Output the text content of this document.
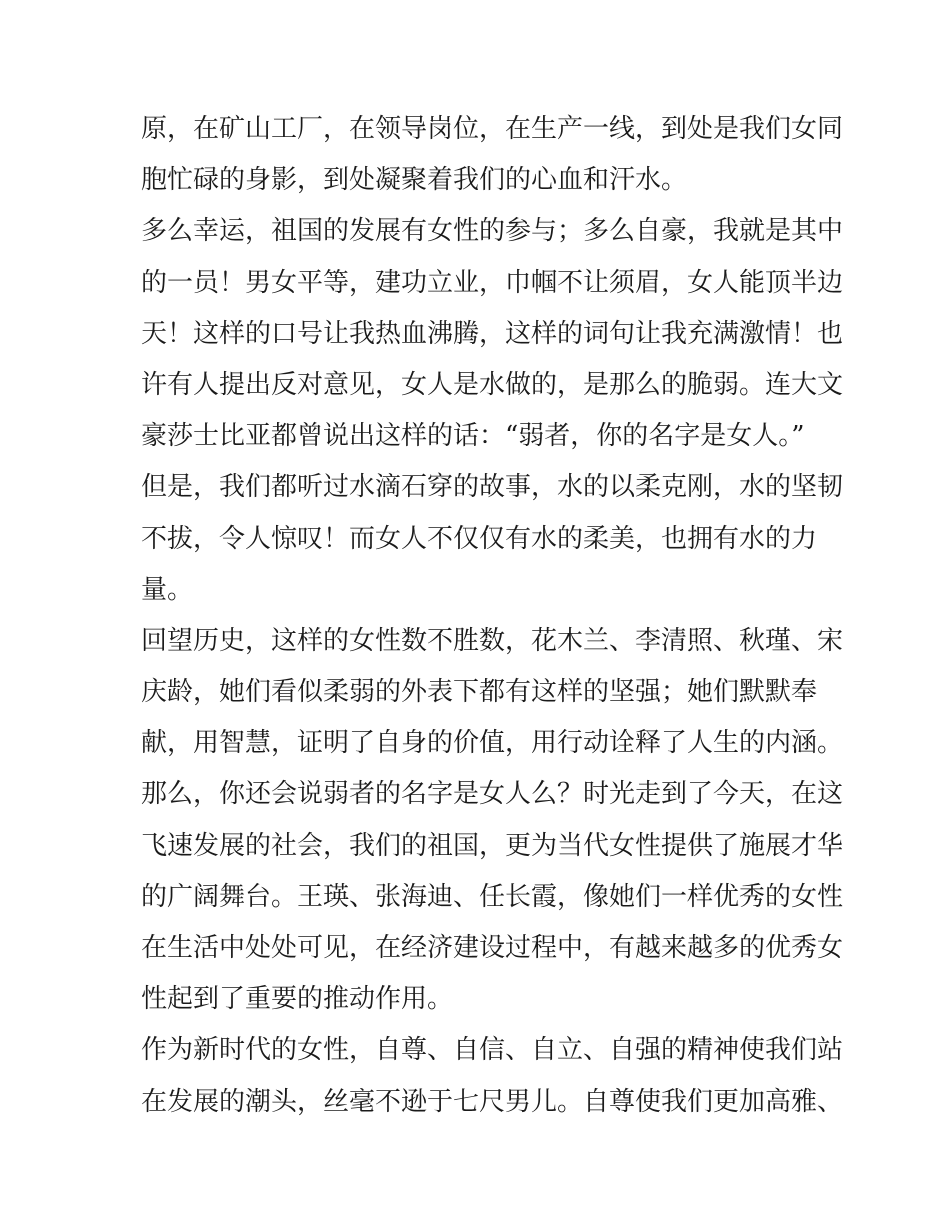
原，在矿山工厂，在领导岗位，在生产一线，到处是我们女同
胞忙碌的身影，到处凝聚着我们的心血和汗水。
多么幸运，祖国的发展有女性的参与；多么自豪，我就是其中
的一员！男女平等，建功立业，巾帼不让须眉，女人能顶半边
天！这样的口号让我热血沸腾，这样的词句让我充满激情！也
许有人提出反对意见，女人是水做的，是那么的脆弱。连大文
豪莎士比亚都曾说出这样的话：“弱者，你的名字是女人。”
但是，我们都听过水滴石穿的故事，水的以柔克刚，水的坚韧
不拔，令人惊叹！而女人不仅仅有水的柔美，也拥有水的力
量。
回望历史，这样的女性数不胜数，花木兰、李清照、秋瑾、宋
庆龄，她们看似柔弱的外表下都有这样的坚强；她们默默奉
献，用智慧，证明了自身的价值，用行动诠释了人生的内涵。
那么，你还会说弱者的名字是女人么？时光走到了今天，在这
飞速发展的社会，我们的祖国，更为当代女性提供了施展才华
的广阔舞台。王瑛、张海迪、任长霞，像她们一样优秀的女性
在生活中处处可见，在经济建设过程中，有越来越多的优秀女
性起到了重要的推动作用。
作为新时代的女性，自尊、自信、自立、自强的精神使我们站
在发展的潮头，丝毫不逊于七尺男儿。自尊使我们更加高雅、
